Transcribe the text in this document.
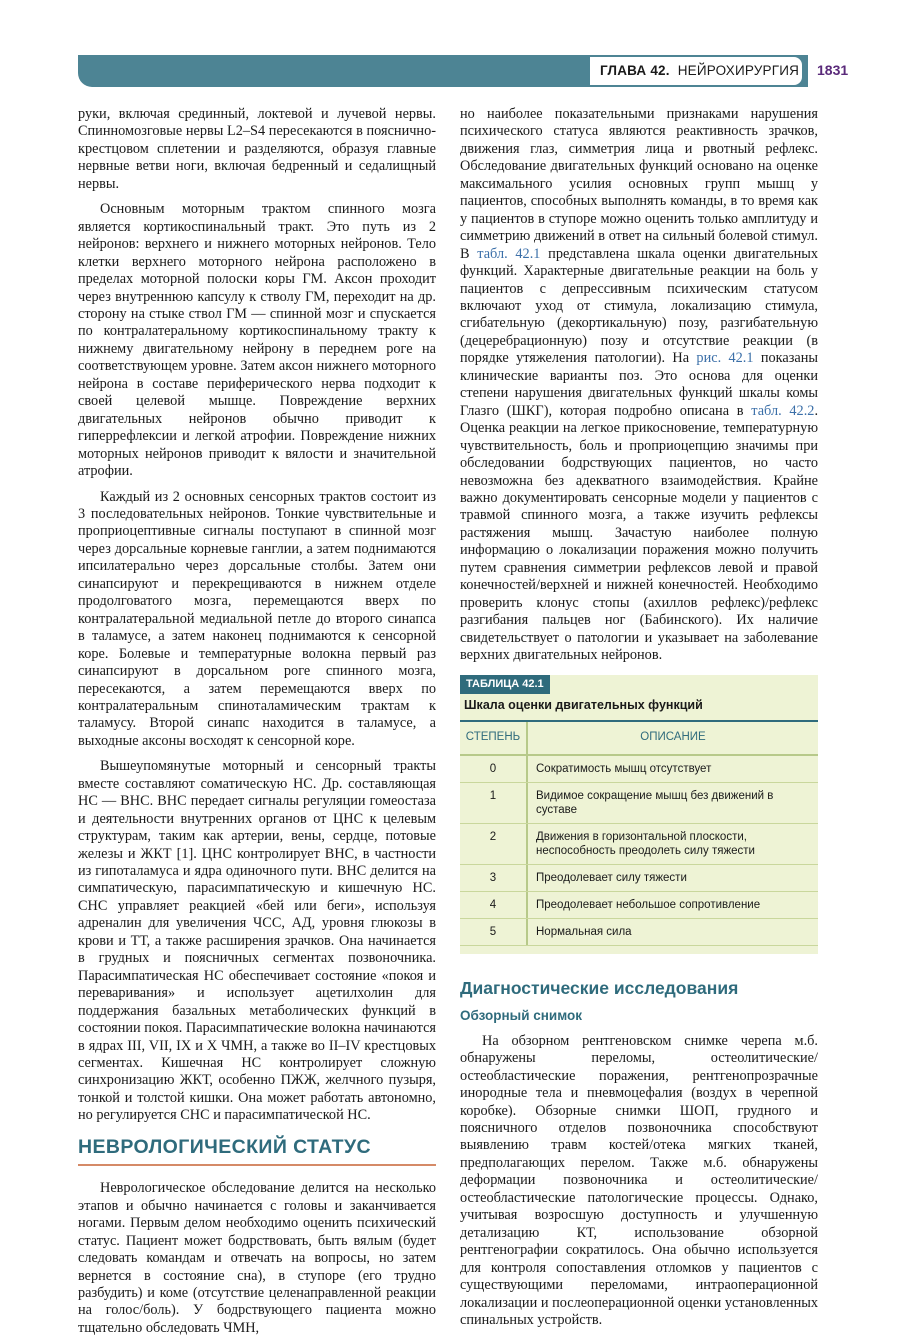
ГЛАВА 42. НЕЙРОХИРУРГИЯ 1831

руки, включая срединный, локтевой и лучевой нервы. Спинномозговые нервы L2–S4 пересекаются в пояснично-крестцовом сплетении и разделяются, образуя главные нервные ветви ноги, включая бедренный и седалищный нервы.

Основным моторным трактом спинного мозга является кортикоспинальный тракт. Это путь из 2 нейронов: верхнего и нижнего моторных нейронов. Тело клетки верхнего моторного нейрона расположено в пределах моторной полоски коры ГМ. Аксон проходит через внутреннюю капсулу к стволу ГМ, переходит на др. сторону на стыке ствол ГМ — спинной мозг и спускается по контралатеральному кортикоспинальному тракту к нижнему двигательному нейрону в переднем роге на соответствующем уровне. Затем аксон нижнего моторного нейрона в составе периферического нерва подходит к своей целевой мышце. Повреждение верхних двигательных нейронов обычно приводит к гиперрефлексии и легкой атрофии. Повреждение нижних моторных нейронов приводит к вялости и значительной атрофии.

Каждый из 2 основных сенсорных трактов состоит из 3 последовательных нейронов. Тонкие чувствительные и проприоцептивные сигналы поступают в спинной мозг через дорсальные корневые ганглии, а затем поднимаются ипсилатерально через дорсальные столбы. Затем они синапсируют и перекрещиваются в нижнем отделе продолговатого мозга, перемещаются вверх по контралатеральной медиальной петле до второго синапса в таламусе, а затем наконец поднимаются к сенсорной коре. Болевые и температурные волокна первый раз синапсируют в дорсальном роге спинного мозга, пересекаются, а затем перемещаются вверх по контралатеральным спиноталамическим трактам к таламусу. Второй синапс находится в таламусе, а выходные аксоны восходят к сенсорной коре.

Вышеупомянутые моторный и сенсорный тракты вместе составляют соматическую НС. Др. составляющая НС — ВНС. ВНС передает сигналы регуляции гомеостаза и деятельности внутренних органов от ЦНС к целевым структурам, таким как артерии, вены, сердце, потовые железы и ЖКТ [1]. ЦНС контролирует ВНС, в частности из гипоталамуса и ядра одиночного пути. ВНС делится на симпатическую, парасимпатическую и кишечную НС. СНС управляет реакцией «бей или беги», используя адреналин для увеличения ЧСС, АД, уровня глюкозы в крови и ТТ, а также расширения зрачков. Она начинается в грудных и поясничных сегментах позвоночника. Парасимпатическая НС обеспечивает состояние «покоя и переваривания» и использует ацетилхолин для поддержания базальных метаболических функций в состоянии покоя. Парасимпатические волокна начинаются в ядрах III, VII, IX и X ЧМН, а также во II–IV крестцовых сегментах. Кишечная НС контролирует сложную синхронизацию ЖКТ, особенно ПЖЖ, желчного пузыря, тонкой и толстой кишки. Она может работать автономно, но регулируется СНС и парасимпатической НС.

НЕВРОЛОГИЧЕСКИЙ СТАТУС

Неврологическое обследование делится на несколько этапов и обычно начинается с головы и заканчивается ногами. Первым делом необходимо оценить психический статус. Пациент может бодрствовать, быть вялым (будет следовать командам и отвечать на вопросы, но затем вернется в состояние сна), в ступоре (его трудно разбудить) и коме (отсутствие целенаправленной реакции на голос/боль). У бодрствующего пациента можно тщательно обследовать ЧМН,

но наиболее показательными признаками нарушения психического статуса являются реактивность зрачков, движения глаз, симметрия лица и рвотный рефлекс. Обследование двигательных функций основано на оценке максимального усилия основных групп мышц у пациентов, способных выполнять команды, в то время как у пациентов в ступоре можно оценить только амплитуду и симметрию движений в ответ на сильный болевой стимул. В табл. 42.1 представлена шкала оценки двигательных функций. Характерные двигательные реакции на боль у пациентов с депрессивным психическим статусом включают уход от стимула, локализацию стимула, сгибательную (декортикальную) позу, разгибательную (децеребрационную) позу и отсутствие реакции (в порядке утяжеления патологии). На рис. 42.1 показаны клинические варианты поз. Это основа для оценки степени нарушения двигательных функций шкалы комы Глазго (ШКГ), которая подробно описана в табл. 42.2. Оценка реакции на легкое прикосновение, температурную чувствительность, боль и проприоцепцию значимы при обследовании бодрствующих пациентов, но часто невозможна без адекватного взаимодействия. Крайне важно документировать сенсорные модели у пациентов с травмой спинного мозга, а также изучить рефлексы растяжения мышц. Зачастую наиболее полную информацию о локализации поражения можно получить путем сравнения симметрии рефлексов левой и правой конечностей/верхней и нижней конечностей. Необходимо проверить клонус стопы (ахиллов рефлекс)/рефлекс разгибания пальцев ног (Бабинского). Их наличие свидетельствует о патологии и указывает на заболевание верхних двигательных нейронов.

ТАБЛИЦА 42.1
Шкала оценки двигательных функций
СТЕПЕНЬ	ОПИСАНИЕ
0	Сократимость мышц отсутствует
1	Видимое сокращение мышц без движений в суставе
2	Движения в горизонтальной плоскости, неспособность преодолеть силу тяжести
3	Преодолевает силу тяжести
4	Преодолевает небольшое сопротивление
5	Нормальная сила
Диагностические исследования
Обзорный снимок

На обзорном рентгеновском снимке черепа м.б. обнаружены переломы, остеолитические/остеобластические поражения, рентгенопрозрачные инородные тела и пневмоцефалия (воздух в черепной коробке). Обзорные снимки ШОП, грудного и поясничного отделов позвоночника способствуют выявлению травм костей/отека мягких тканей, предполагающих перелом. Также м.б. обнаружены деформации позвоночника и остеолитические/остеобластические патологические процессы. Однако, учитывая возросшую доступность и улучшенную детализацию КТ, использование обзорной рентгенографии сократилось. Она обычно используется для контроля сопоставления отломков у пациентов с существующими переломами, интраоперационной локализации и послеоперационной оценки установленных спинальных устройств.
